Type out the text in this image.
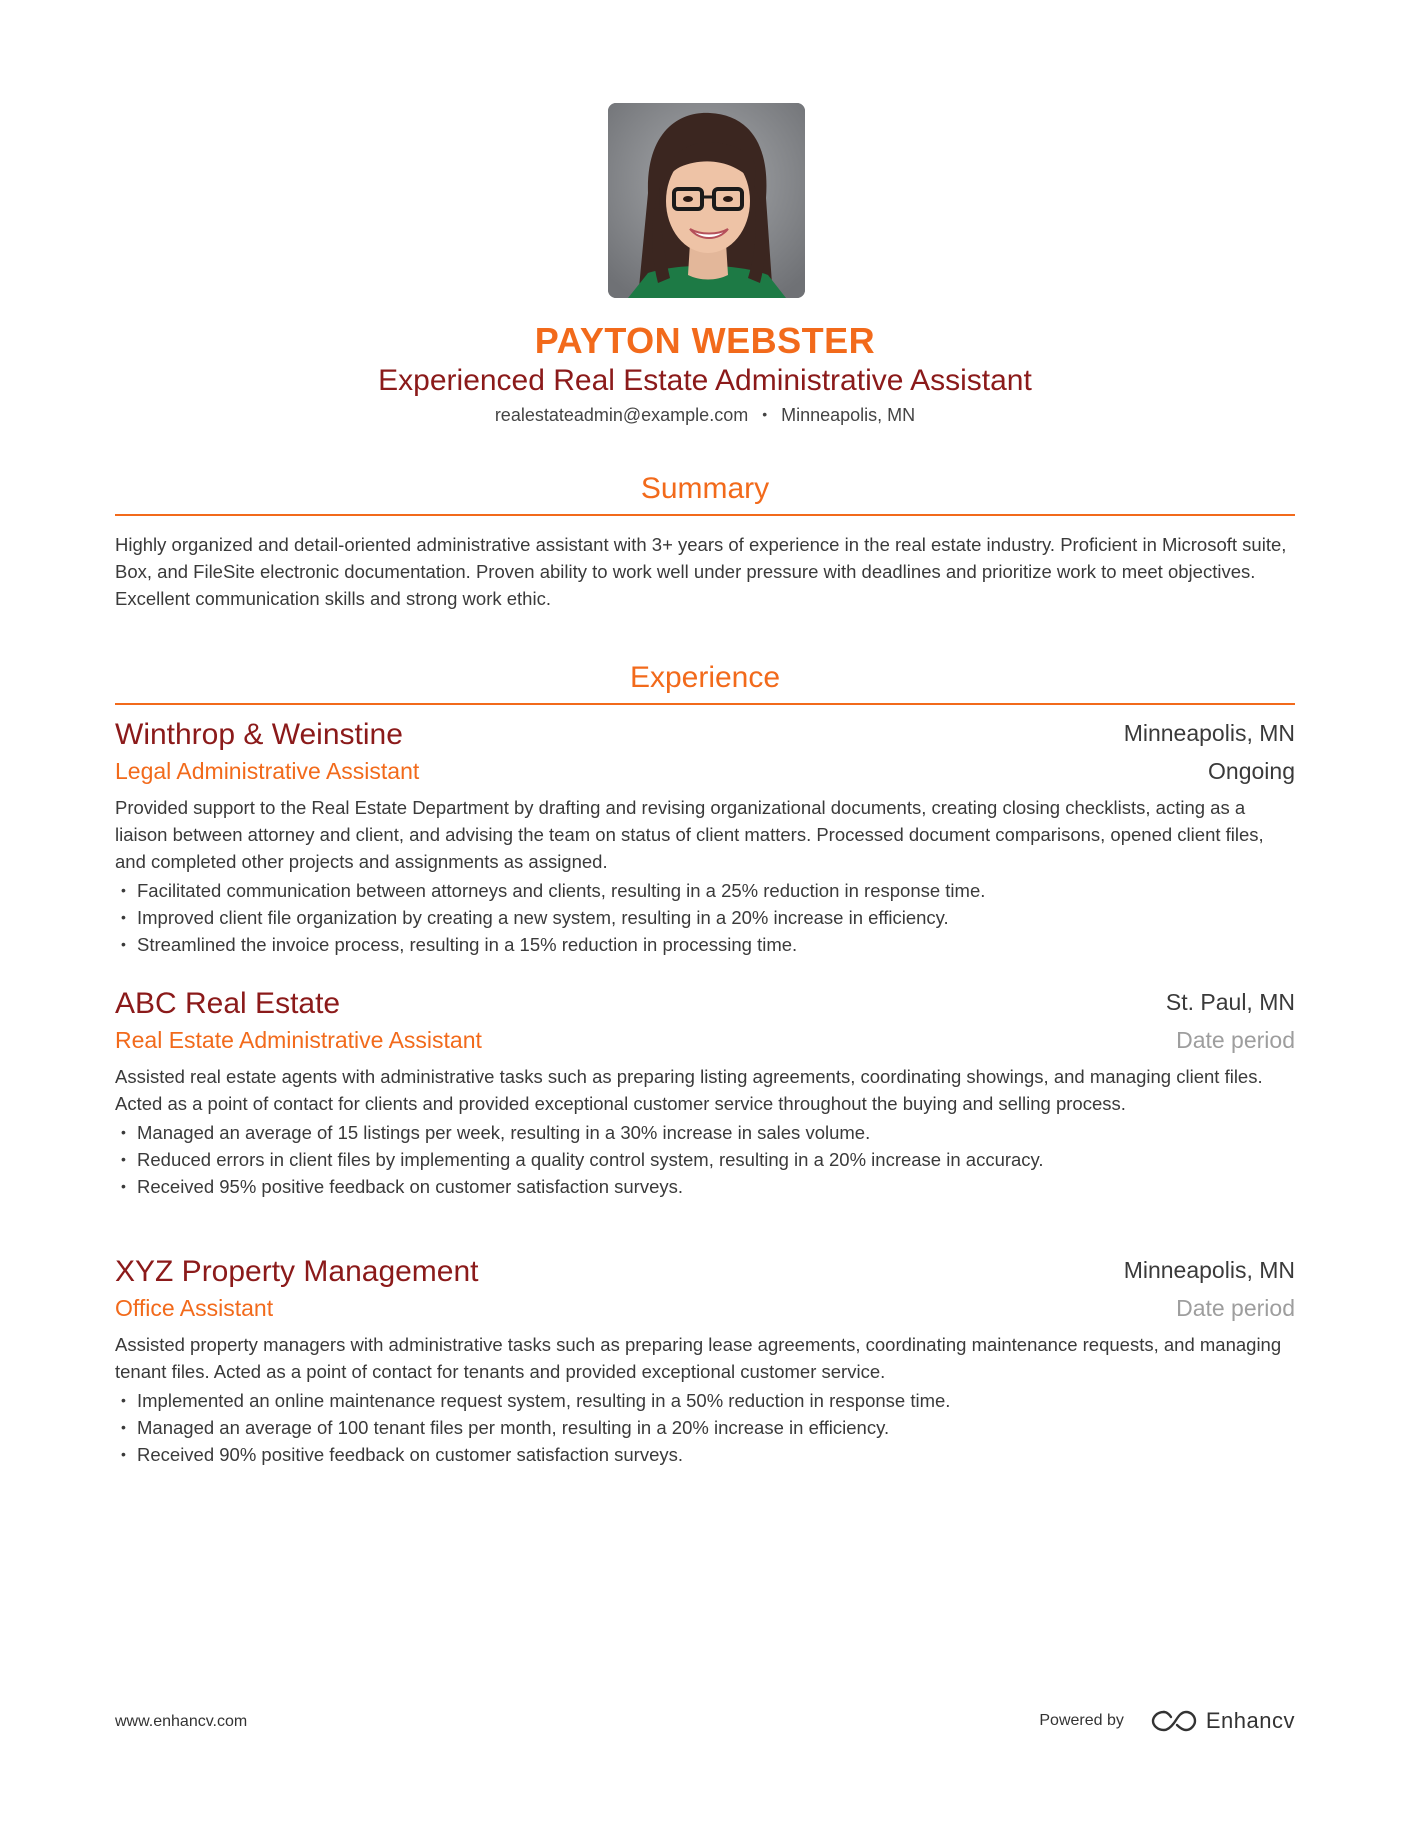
PAYTON WEBSTER
Experienced Real Estate Administrative Assistant
realestateadmin@example.com • Minneapolis, MN
Summary
Highly organized and detail-oriented administrative assistant with 3+ years of experience in the real estate industry. Proficient in Microsoft suite, Box, and FileSite electronic documentation. Proven ability to work well under pressure with deadlines and prioritize work to meet objectives. Excellent communication skills and strong work ethic.
Experience
Winthrop & Weinstine	Minneapolis, MN
Legal Administrative Assistant	Ongoing
Provided support to the Real Estate Department by drafting and revising organizational documents, creating closing checklists, acting as a liaison between attorney and client, and advising the team on status of client matters. Processed document comparisons, opened client files, and completed other projects and assignments as assigned.
• Facilitated communication between attorneys and clients, resulting in a 25% reduction in response time.
• Improved client file organization by creating a new system, resulting in a 20% increase in efficiency.
• Streamlined the invoice process, resulting in a 15% reduction in processing time.
ABC Real Estate	St. Paul, MN
Real Estate Administrative Assistant	Date period
Assisted real estate agents with administrative tasks such as preparing listing agreements, coordinating showings, and managing client files. Acted as a point of contact for clients and provided exceptional customer service throughout the buying and selling process.
• Managed an average of 15 listings per week, resulting in a 30% increase in sales volume.
• Reduced errors in client files by implementing a quality control system, resulting in a 20% increase in accuracy.
• Received 95% positive feedback on customer satisfaction surveys.
XYZ Property Management	Minneapolis, MN
Office Assistant	Date period
Assisted property managers with administrative tasks such as preparing lease agreements, coordinating maintenance requests, and managing tenant files. Acted as a point of contact for tenants and provided exceptional customer service.
• Implemented an online maintenance request system, resulting in a 50% reduction in response time.
• Managed an average of 100 tenant files per month, resulting in a 20% increase in efficiency.
• Received 90% positive feedback on customer satisfaction surveys.
www.enhancv.com	Powered by	Enhancv
